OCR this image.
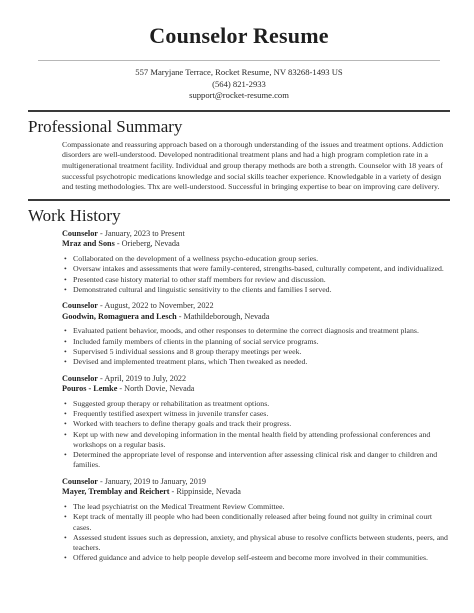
Counselor Resume
557 Maryjane Terrace, Rocket Resume, NV 83268-1493 US
(564) 821-2933
support@rocket-resume.com
Professional Summary

Compassionate and reassuring approach based on a thorough understanding of the issues and treatment options. Addiction disorders are well-understood. Developed nontraditional treatment plans and had a high program completion rate in a multigenerational treatment facility. Individual and group therapy methods are both a strength. Counselor with 18 years of successful psychotropic medications knowledge and social skills teacher experience. Knowledgable in a variety of design and testing methodologies. Thx are well-understood. Successful in bringing expertise to bear on improving care delivery.

Work History
Counselor - January, 2023 to Present
Mraz and Sons - Orieberg, Nevada
• Collaborated on the development of a wellness psycho-education group series.
• Oversaw intakes and assessments that were family-centered, strengths-based, culturally competent, and individualized.
• Presented case history material to other staff members for review and discussion.
• Demonstrated cultural and linguistic sensitivity to the clients and families I served.
Counselor - August, 2022 to November, 2022
Goodwin, Romaguera and Lesch - Mathildeborough, Nevada
• Evaluated patient behavior, moods, and other responses to determine the correct diagnosis and treatment plans.
• Included family members of clients in the planning of social service programs.
• Supervised 5 individual sessions and 8 group therapy meetings per week.
• Devised and implemented treatment plans, which Then tweaked as needed.
Counselor - April, 2019 to July, 2022
Pouros - Lemke - North Dovie, Nevada
• Suggested group therapy or rehabilitation as treatment options.
• Frequently testified asexpert witness in juvenile transfer cases.
• Worked with teachers to define therapy goals and track their progress.
• Kept up with new and developing information in the mental health field by attending professional conferences and workshops on a regular basis.
• Determined the appropriate level of response and intervention after assessing clinical risk and danger to children and families.
Counselor - January, 2019 to January, 2019
Mayer, Tremblay and Reichert - Rippinside, Nevada
• The lead psychiatrist on the Medical Treatment Review Committee.
• Kept track of mentally ill people who had been conditionally released after being found not guilty in criminal court cases.
• Assessed student issues such as depression, anxiety, and physical abuse to resolve conflicts between students, peers, and teachers.
• Offered guidance and advice to help people develop self-esteem and become more involved in their communities.
